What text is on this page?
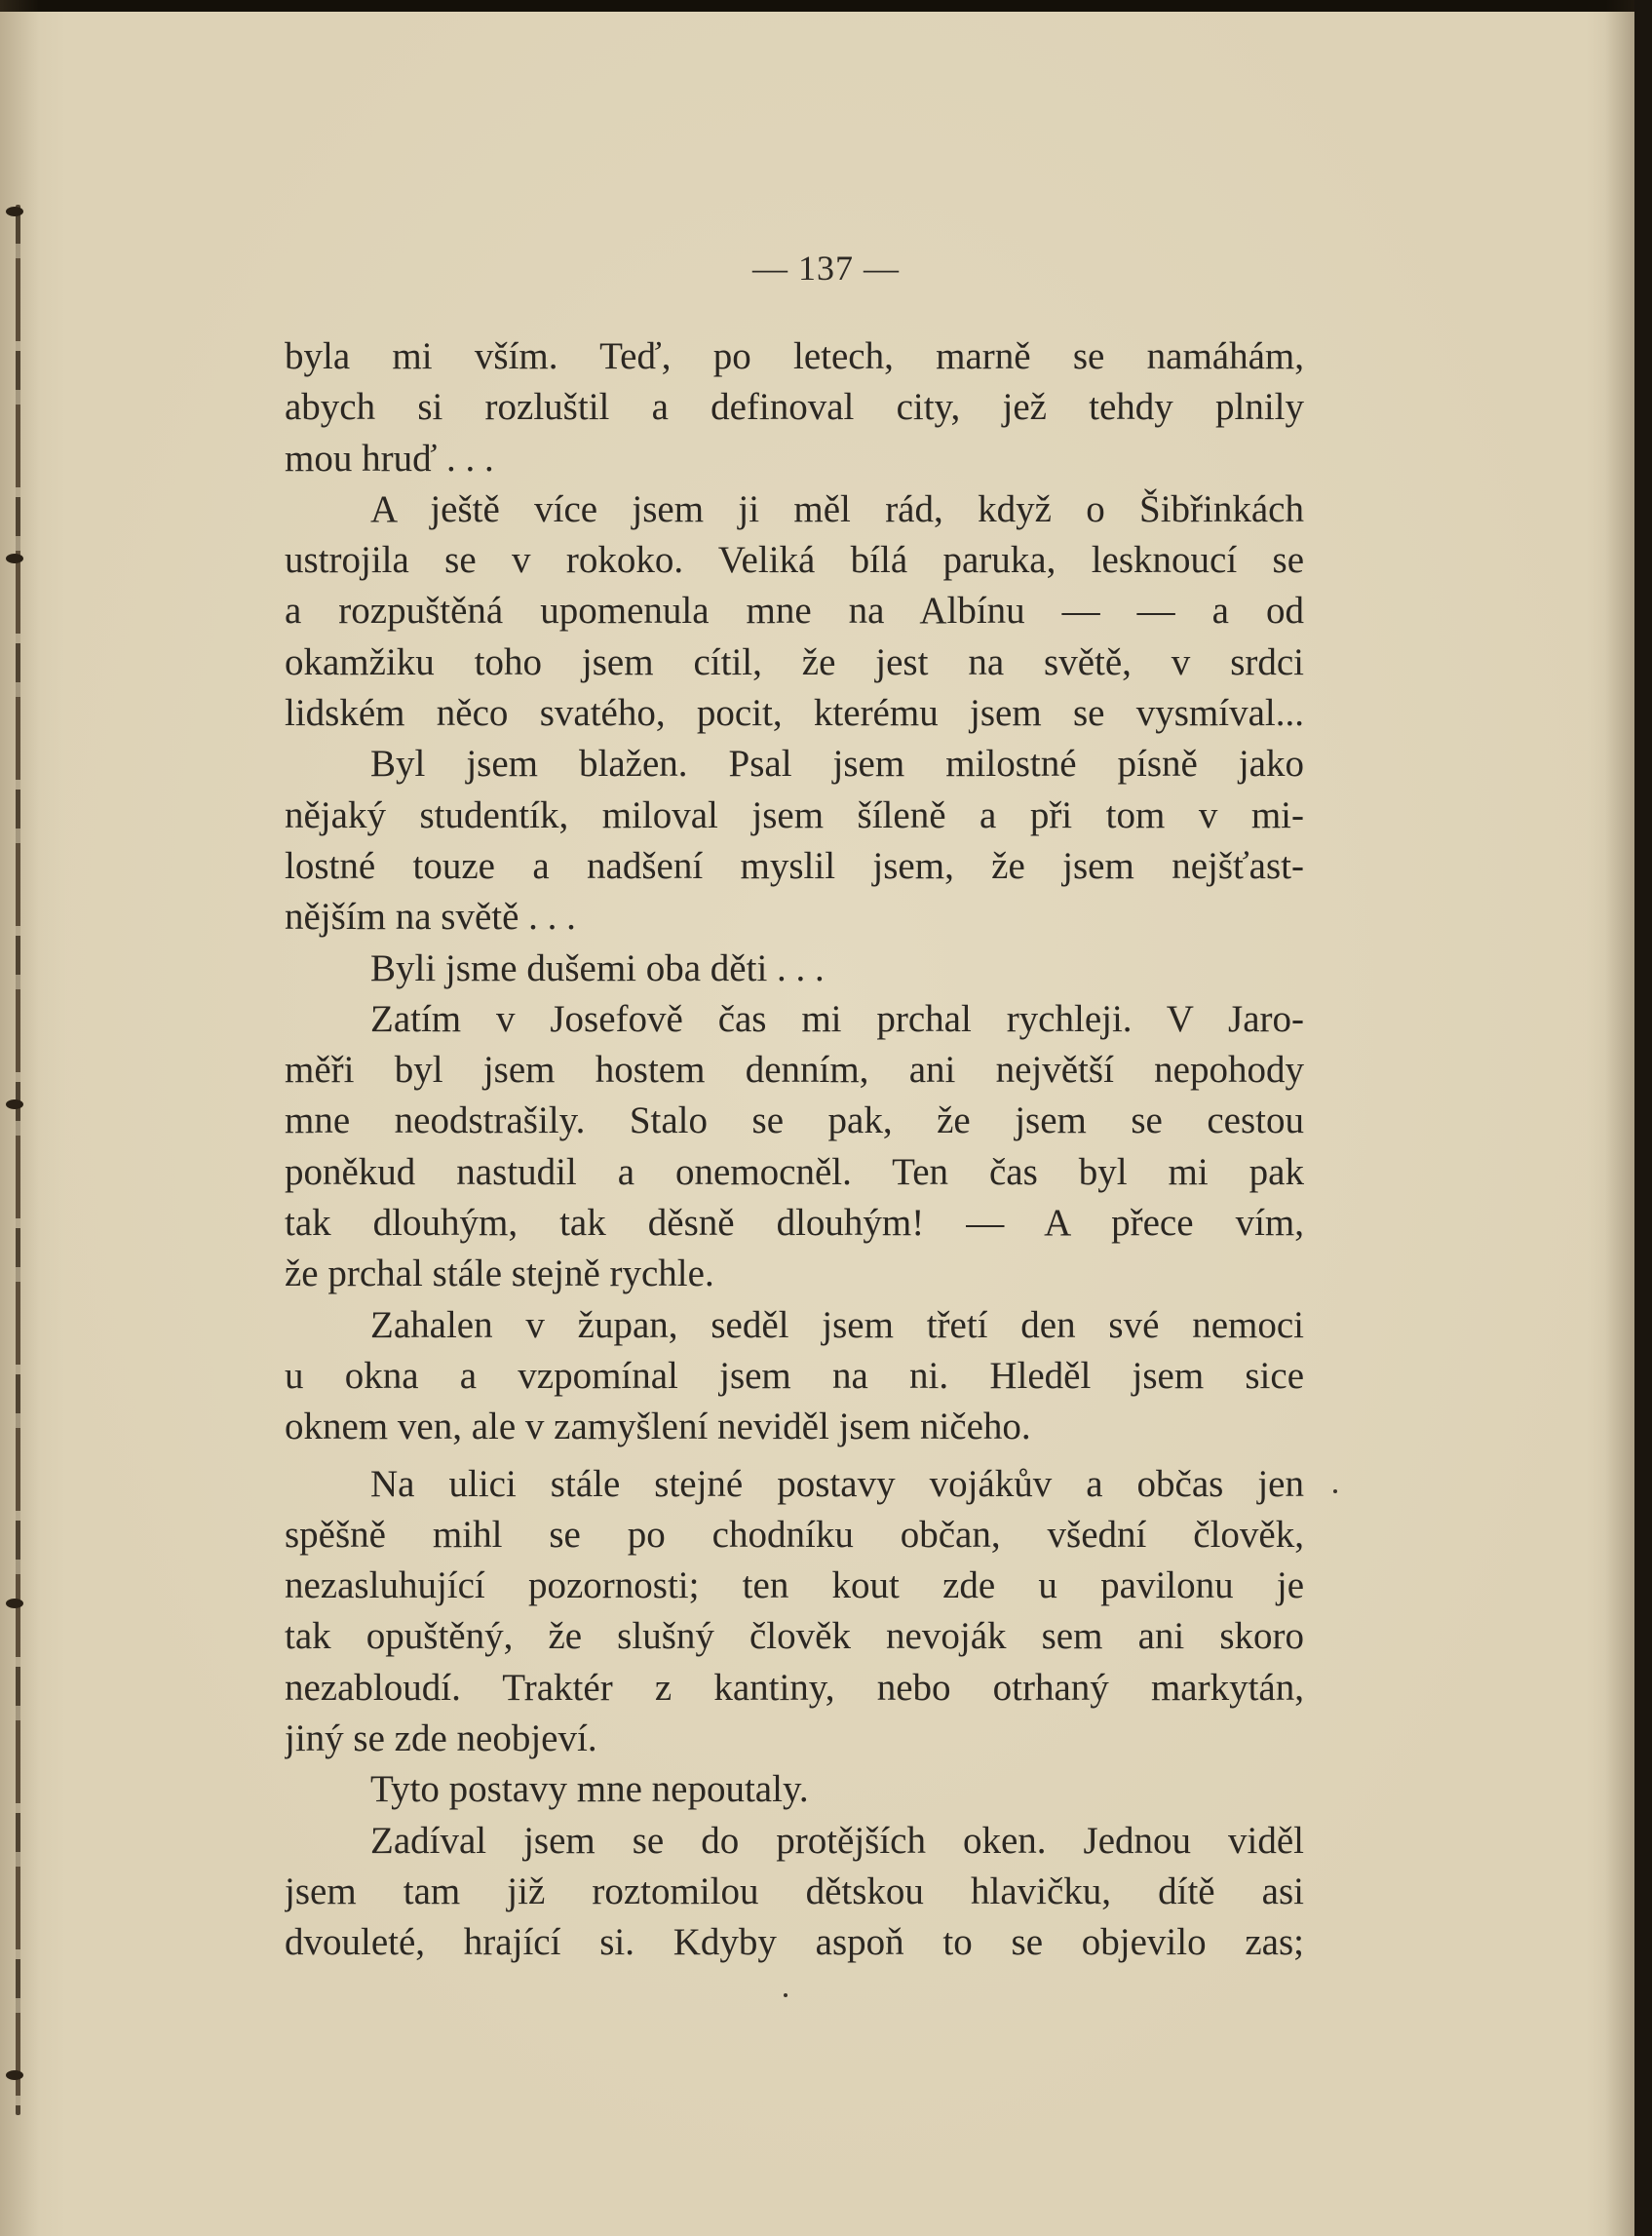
— 137 —
byla mi vším. Teď, po letech, marně se namáhám,
abych si rozluštil a definoval city, jež tehdy plnily
mou hruď . . .
A ještě více jsem ji měl rád, když o Šibřinkách
ustrojila se v rokoko. Veliká bílá paruka, lesknoucí se
a rozpuštěná upomenula mne na Albínu — — a od
okamžiku toho jsem cítil, že jest na světě, v srdci
lidském něco svatého, pocit, kterému jsem se vysmíval...
Byl jsem blažen. Psal jsem milostné písně jako
nějaký studentík, miloval jsem šíleně a při tom v mi-
lostné touze a nadšení myslil jsem, že jsem nejšťast-
nějším na světě . . .
Byli jsme dušemi oba děti . . .
Zatím v Josefově čas mi prchal rychleji. V Jaro-
měři byl jsem hostem denním, ani největší nepohody
mne neodstrašily. Stalo se pak, že jsem se cestou
poněkud nastudil a onemocněl. Ten čas byl mi pak
tak dlouhým, tak děsně dlouhým! — A přece vím,
že prchal stále stejně rychle.
Zahalen v župan, seděl jsem třetí den své nemoci
u okna a vzpomínal jsem na ni. Hleděl jsem sice
oknem ven, ale v zamyšlení neviděl jsem ničeho.
Na ulici stále stejné postavy vojákův a občas jen
spěšně mihl se po chodníku občan, všední člověk,
nezasluhující pozornosti; ten kout zde u pavilonu je
tak opuštěný, že slušný člověk nevoják sem ani skoro
nezabloudí. Traktér z kantiny, nebo otrhaný markytán,
jiný se zde neobjeví.
Tyto postavy mne nepoutaly.
Zadíval jsem se do protějších oken. Jednou viděl
jsem tam již roztomilou dětskou hlavičku, dítě asi
dvouleté, hrající si. Kdyby aspoň to se objevilo zas;
